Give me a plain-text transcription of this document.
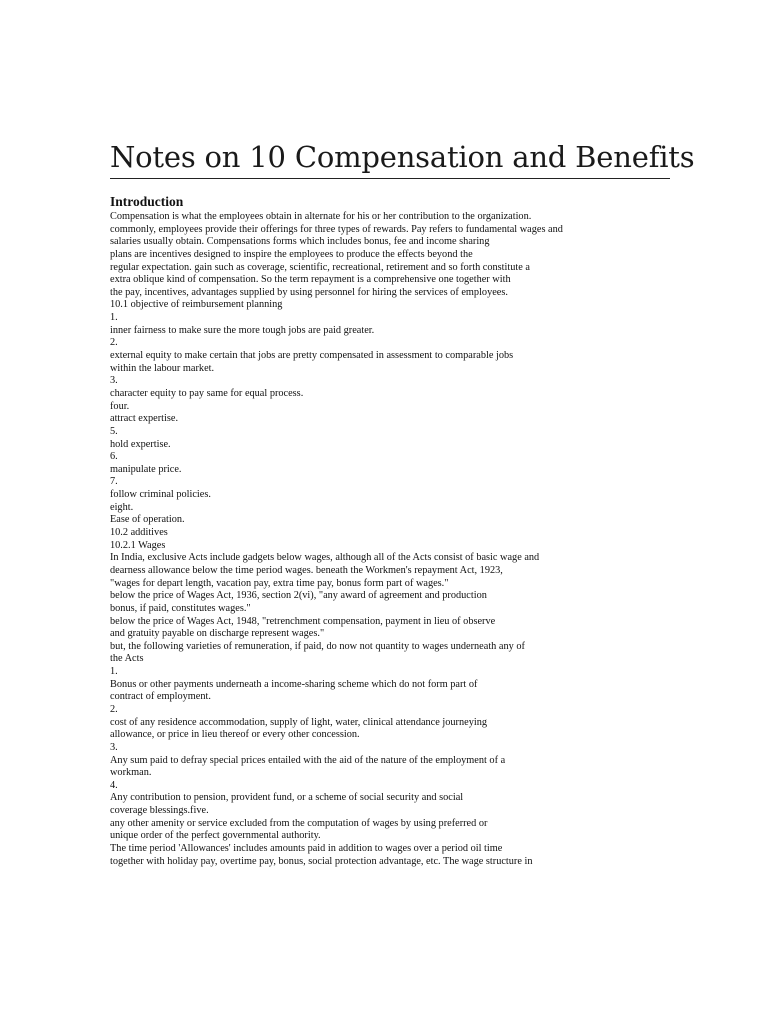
Notes on 10 Compensation and Benefits
Introduction
Compensation is what the employees obtain in alternate for his or her contribution to the organization.
commonly, employees provide their offerings for three types of rewards. Pay refers to fundamental wages and
salaries usually obtain. Compensations forms which includes bonus, fee and income sharing
plans are incentives designed to inspire the employees to produce the effects beyond the
regular expectation. gain such as coverage, scientific, recreational, retirement and so forth constitute a
extra oblique kind of compensation. So the term repayment is a comprehensive one together with
the pay, incentives, advantages supplied by using personnel for hiring the services of employees.
10.1 objective of reimbursement planning
1.
inner fairness to make sure the more tough jobs are paid greater.
2.
external equity to make certain that jobs are pretty compensated in assessment to comparable jobs
within the labour market.
3.
character equity to pay same for equal process.
four.
attract expertise.
5.
hold expertise.
6.
manipulate price.
7.
follow criminal policies.
eight.
Ease of operation.
10.2 additives
10.2.1 Wages
In India, exclusive Acts include gadgets below wages, although all of the Acts consist of basic wage and
dearness allowance below the time period wages. beneath the Workmen's repayment Act, 1923,
"wages for depart length, vacation pay, extra time pay, bonus form part of wages."
below the price of Wages Act, 1936, section 2(vi), "any award of agreement and production
bonus, if paid, constitutes wages."
below the price of Wages Act, 1948, "retrenchment compensation, payment in lieu of observe
and gratuity payable on discharge represent wages."
but, the following varieties of remuneration, if paid, do now not quantity to wages underneath any of
the Acts
1.
Bonus or other payments underneath a income-sharing scheme which do not form part of
contract of employment.
2.
cost of any residence accommodation, supply of light, water, clinical attendance journeying
allowance, or price in lieu thereof or every other concession.
3.
Any sum paid to defray special prices entailed with the aid of the nature of the employment of a
workman.
4.
Any contribution to pension, provident fund, or a scheme of social security and social
coverage blessings.five.
any other amenity or service excluded from the computation of wages by using preferred or
unique order of the perfect governmental authority.
The time period 'Allowances' includes amounts paid in addition to wages over a period oil time
together with holiday pay, overtime pay, bonus, social protection advantage, etc. The wage structure in
